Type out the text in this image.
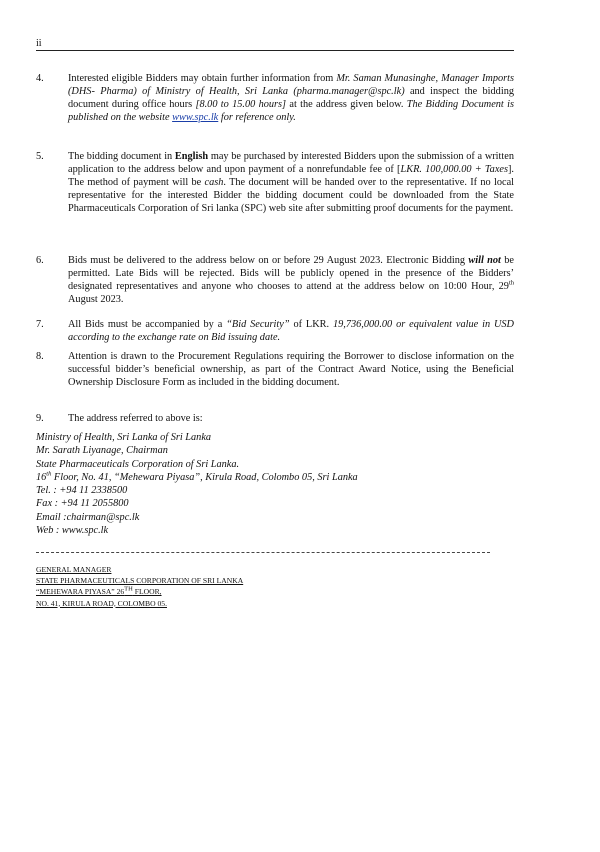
ii
4. Interested eligible Bidders may obtain further information from Mr. Saman Munasinghe, Manager Imports (DHS- Pharma) of Ministry of Health, Sri Lanka (pharma.manager@spc.lk) and inspect the bidding document during office hours [8.00 to 15.00 hours] at the address given below. The Bidding Document is published on the website www.spc.lk for reference only.
5. The bidding document in English may be purchased by interested Bidders upon the submission of a written application to the address below and upon payment of a nonrefundable fee of [LKR. 100,000.00 + Taxes]. The method of payment will be cash. The document will be handed over to the representative. If no local representative for the interested Bidder the bidding document could be downloaded from the State Pharmaceuticals Corporation of Sri lanka (SPC) web site after submitting proof documents for the payment.
6. Bids must be delivered to the address below on or before 29 August 2023. Electronic Bidding will not be permitted. Late Bids will be rejected. Bids will be publicly opened in the presence of the Bidders’ designated representatives and anyone who chooses to attend at the address below on 10:00 Hour, 29th August 2023.
7. All Bids must be accompanied by a “Bid Security” of LKR. 19,736,000.00 or equivalent value in USD according to the exchange rate on Bid issuing date.
8. Attention is drawn to the Procurement Regulations requiring the Borrower to disclose information on the successful bidder’s beneficial ownership, as part of the Contract Award Notice, using the Beneficial Ownership Disclosure Form as included in the bidding document.
9. The address referred to above is:
Ministry of Health, Sri Lanka of Sri Lanka
Mr. Sarath Liyanage, Chairman
State Pharmaceuticals Corporation of Sri Lanka.
16th Floor, No. 41, “Mehewara Piyasa”, Kirula Road, Colombo 05, Sri Lanka
Tel. : +94 11 2338500
Fax : +94 11 2055800
Email :chairman@spc.lk
Web : www.spc.lk
GENERAL MANAGER
STATE PHARMACEUTICALS CORPORATION OF SRI LANKA
“MEHEWARA PIYASA” 26TH FLOOR,
NO. 41, KIRULA ROAD, COLOMBO 05.
